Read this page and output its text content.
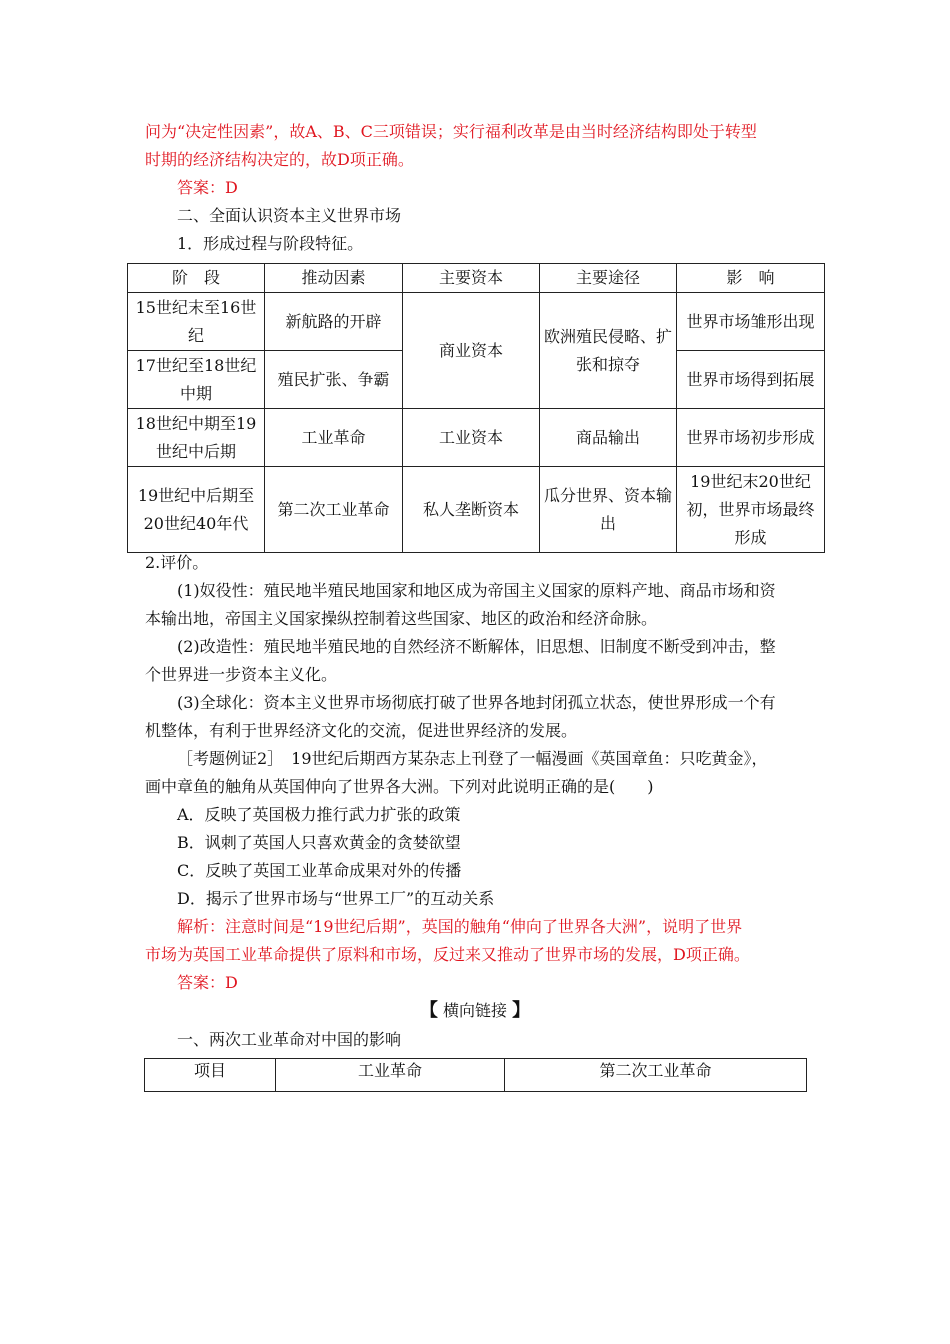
问为“决定性因素”，故A、B、C三项错误；实行福利改革是由当时经济结构即处于转型
时期的经济结构决定的，故D项正确。
答案：D
二、全面认识资本主义世界市场
1．形成过程与阶段特征。
阶　段	推动因素	主要资本	主要途径	影　响
15世纪末至16世纪	新航路的开辟	商业资本	欧洲殖民侵略、扩张和掠夺	世界市场雏形出现
17世纪至18世纪中期	殖民扩张、争霸			世界市场得到拓展
18世纪中期至19世纪中后期	工业革命	工业资本	商品输出	世界市场初步形成
19世纪中后期至20世纪40年代	第二次工业革命	私人垄断资本	瓜分世界、资本输出	19世纪末20世纪初，世界市场最终形成
2.评价。
(1)奴役性：殖民地半殖民地国家和地区成为帝国主义国家的原料产地、商品市场和资
本输出地，帝国主义国家操纵控制着这些国家、地区的政治和经济命脉。
(2)改造性：殖民地半殖民地的自然经济不断解体，旧思想、旧制度不断受到冲击，整
个世界进一步资本主义化。
(3)全球化：资本主义世界市场彻底打破了世界各地封闭孤立状态，使世界形成一个有
机整体，有利于世界经济文化的交流，促进世界经济的发展。
［考题例证2］　19世纪后期西方某杂志上刊登了一幅漫画《英国章鱼：只吃黄金》，
画中章鱼的触角从英国伸向了世界各大洲。下列对此说明正确的是(　　)
A．反映了英国极力推行武力扩张的政策
B．讽刺了英国人只喜欢黄金的贪婪欲望
C．反映了英国工业革命成果对外的传播
D．揭示了世界市场与“世界工厂”的互动关系
解析：注意时间是“19世纪后期”，英国的触角“伸向了世界各大洲”，说明了世界
市场为英国工业革命提供了原料和市场，反过来又推动了世界市场的发展，D项正确。
答案：D
【 横向链接 】
一、两次工业革命对中国的影响
项目	工业革命	第二次工业革命
